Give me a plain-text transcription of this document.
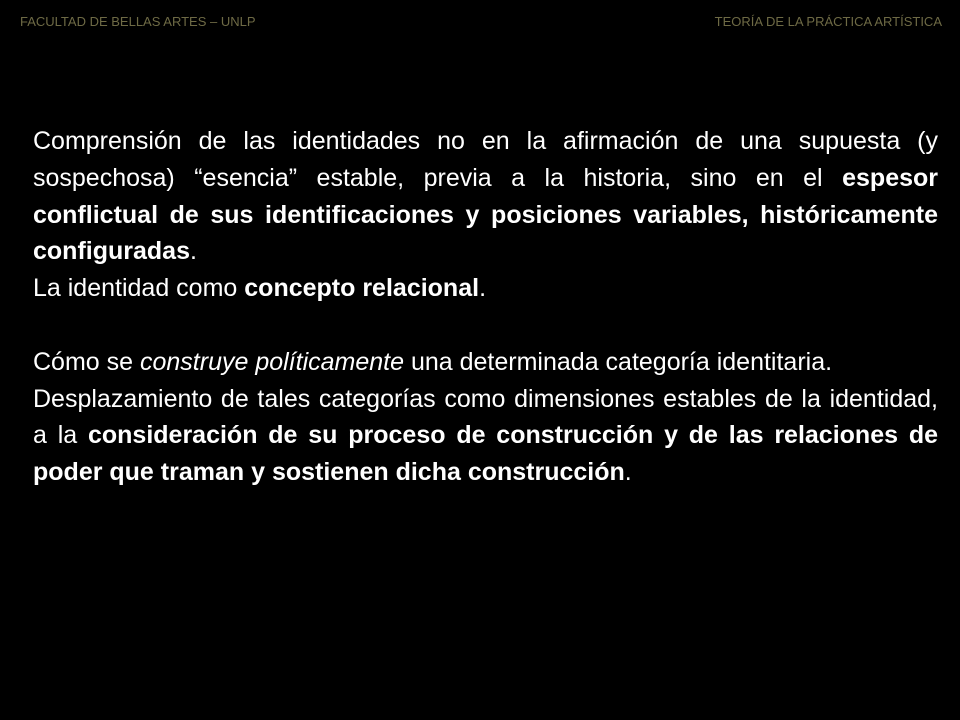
FACULTAD DE BELLAS ARTES – UNLP	TEORÍA DE LA PRÁCTICA ARTÍSTICA

Comprensión de las identidades no en la afirmación de una supuesta (y sospechosa) “esencia” estable, previa a la historia, sino en el espesor conflictual de sus identificaciones y posiciones variables, históricamente configuradas.

La identidad como concepto relacional.

Cómo se construye políticamente una determinada categoría identitaria.

Desplazamiento de tales categorías como dimensiones estables de la identidad, a la consideración de su proceso de construcción y de las relaciones de poder que traman y sostienen dicha construcción.
